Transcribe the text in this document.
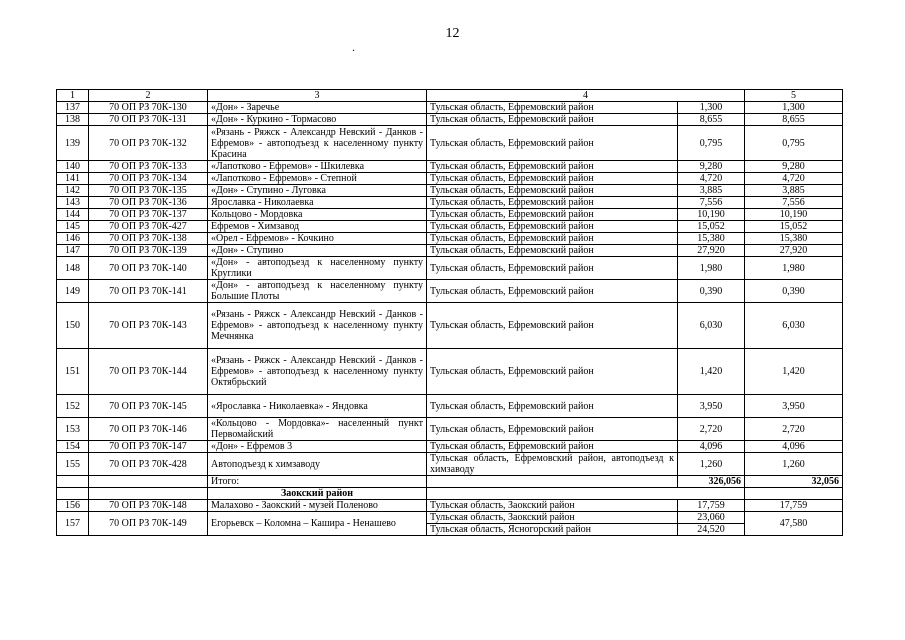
12
.
1	2	3	4		5
137	70 ОП РЗ 70К-130	«Дон» - Заречье	Тульская область, Ефремовский район	1,300	1,300
138	70 ОП РЗ 70К-131	«Дон» - Куркино - Тормасово	Тульская область, Ефремовский район	8,655	8,655
139	70 ОП РЗ 70К-132	«Рязань - Ряжск - Александр Невский - Данков - Ефремов» - автоподъезд к населенному пункту Красина	Тульская область, Ефремовский район	0,795	0,795
140	70 ОП РЗ 70К-133	«Лапотково - Ефремов» - Шкилевка	Тульская область, Ефремовский район	9,280	9,280
141	70 ОП РЗ 70К-134	«Лапотково - Ефремов» - Степной	Тульская область, Ефремовский район	4,720	4,720
142	70 ОП РЗ 70К-135	«Дон» - Ступино - Луговка	Тульская область, Ефремовский район	3,885	3,885
143	70 ОП РЗ 70К-136	Ярославка - Николаевка	Тульская область, Ефремовский район	7,556	7,556
144	70 ОП РЗ 70К-137	Кольцово - Мордовка	Тульская область, Ефремовский район	10,190	10,190
145	70 ОП РЗ 70К-427	Ефремов - Химзавод	Тульская область, Ефремовский район	15,052	15,052
146	70 ОП РЗ 70К-138	«Орел - Ефремов» - Кочкино	Тульская область, Ефремовский район	15,380	15,380
147	70 ОП РЗ 70К-139	«Дон» - Ступино	Тульская область, Ефремовский район	27,920	27,920
148	70 ОП РЗ 70К-140	«Дон» - автоподъезд к населенному пункту Круглики	Тульская область, Ефремовский район	1,980	1,980
149	70 ОП РЗ 70К-141	«Дон» - автоподъезд к населенному пункту Большие Плоты	Тульская область, Ефремовский район	0,390	0,390
150	70 ОП РЗ 70К-143	«Рязань - Ряжск - Александр Невский - Данков - Ефремов» - автоподъезд к населенному пункту Мечнянка	Тульская область, Ефремовский район	6,030	6,030
151	70 ОП РЗ 70К-144	«Рязань - Ряжск - Александр Невский - Данков - Ефремов» - автоподъезд к населенному пункту Октябрьский	Тульская область, Ефремовский район	1,420	1,420
152	70 ОП РЗ 70К-145	«Ярославка - Николаевка» - Яндовка	Тульская область, Ефремовский район	3,950	3,950
153	70 ОП РЗ 70К-146	«Кольцово - Мордовка»- населенный пункт Первомайский	Тульская область, Ефремовский район	2,720	2,720
154	70 ОП РЗ 70К-147	«Дон» - Ефремов 3	Тульская область, Ефремовский район	4,096	4,096
155	70 ОП РЗ 70К-428	Автоподъезд к химзаводу	Тульская область, Ефремовский район, автоподъезд к химзаводу	1,260	1,260
		Итого:		326,056	32,056
		Заокский район			
156	70 ОП РЗ 70К-148	Малахово - Заокский - музей Поленово	Тульская область, Заокский район	17,759	17,759
157	70 ОП РЗ 70К-149	Егорьевск – Коломна – Кашира - Ненашево	Тульская область, Заокский район	23,060	47,580
			Тульская область, Ясногорский район	24,520	
